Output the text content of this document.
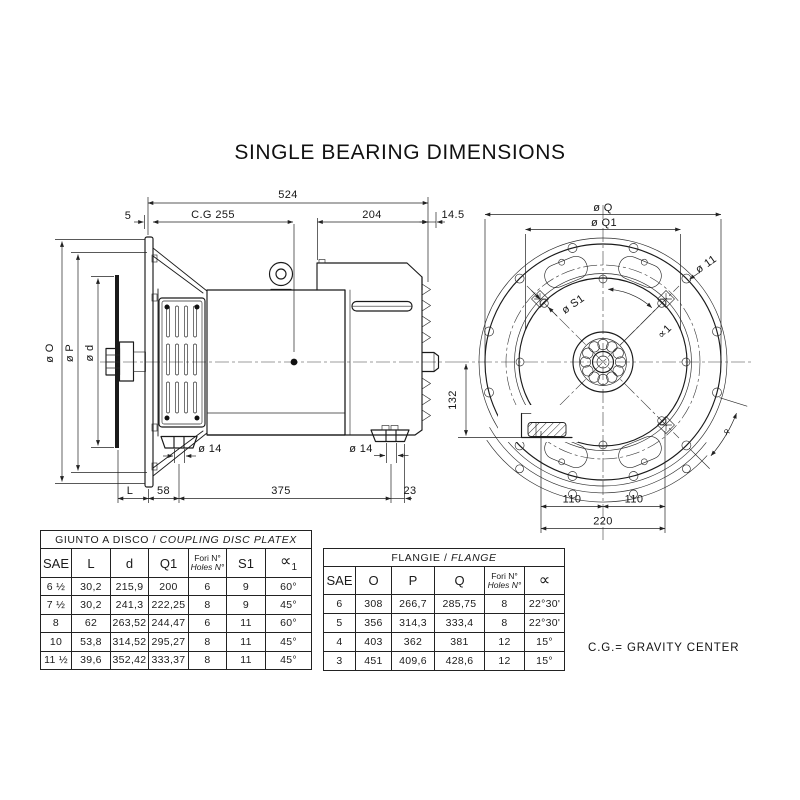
SINGLE BEARING DIMENSIONS
524
5	C.G 255	204	14.5
ø O ø P ø d
ø 14	ø 14
L 58	375	23
ø Q
ø Q1
ø 11
ø S1
∝1
∝
132
110	110
220
GIUNTO A DISCO / COUPLING DISC PLATEX						
SAE	L	d	Q1	Fori N°
Holes N°	S1	$\propto_1$
6 ½	30,2	215,9	200	6	9	60°
7 ½	30,2	241,3	222,25	8	9	45°
8	62	263,52	244,47	6	11	60°
10	53,8	314,52	295,27	8	11	45°
11 ½	39,6	352,42	333,37	8	11	45°
FLANGIE / FLANGE					
SAE	O	P	Q	Fori N°
Holes N°	∝
6	308	266,7	285,75	8	22°30'
5	356	314,3	333,4	8	22°30'
4	403	362	381	12	15°
3	451	409,6	428,6	12	15°
C.G.= GRAVITY CENTER
